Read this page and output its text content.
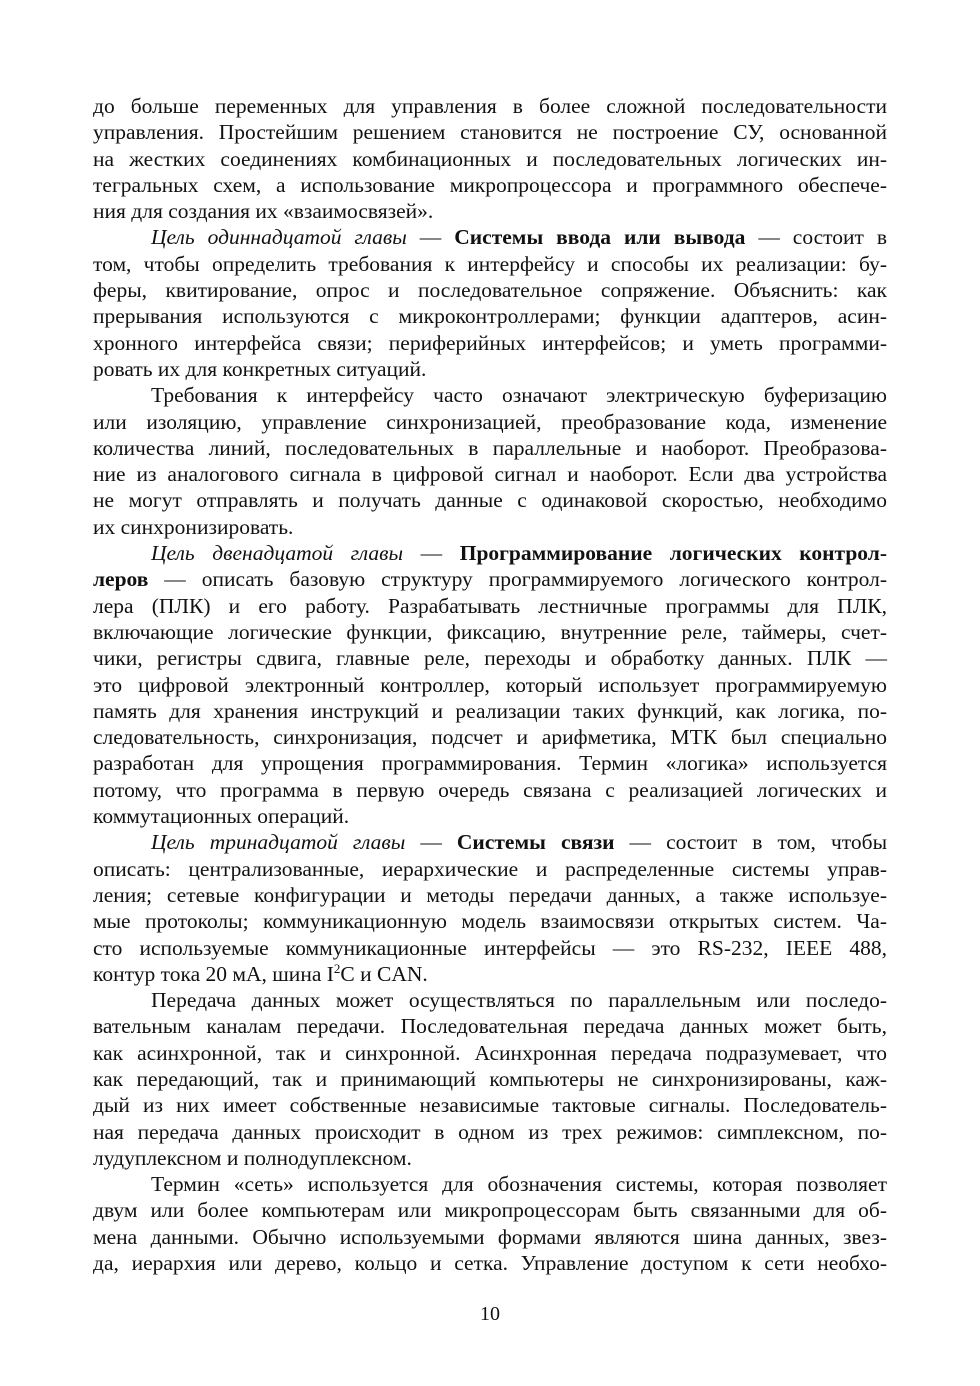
до больше переменных для управления в более сложной последовательности
управления. Простейшим решением становится не построение СУ, основанной
на жестких соединениях комбинационных и последовательных логических ин-
тегральных схем, а использование микропроцессора и программного обеспече-
ния для создания их «взаимосвязей».
Цель одиннадцатой главы — Системы ввода или вывода — состоит в
том, чтобы определить требования к интерфейсу и способы их реализации: бу-
феры, квитирование, опрос и последовательное сопряжение. Объяснить: как
прерывания используются с микроконтроллерами; функции адаптеров, асин-
хронного интерфейса связи; периферийных интерфейсов; и уметь программи-
ровать их для конкретных ситуаций.
Требования к интерфейсу часто означают электрическую буферизацию
или изоляцию, управление синхронизацией, преобразование кода, изменение
количества линий, последовательных в параллельные и наоборот. Преобразова-
ние из аналогового сигнала в цифровой сигнал и наоборот. Если два устройства
не могут отправлять и получать данные с одинаковой скоростью, необходимо
их синхронизировать.
Цель двенадцатой главы — Программирование логических контрол-
леров — описать базовую структуру программируемого логического контрол-
лера (ПЛК) и его работу. Разрабатывать лестничные программы для ПЛК,
включающие логические функции, фиксацию, внутренние реле, таймеры, счет-
чики, регистры сдвига, главные реле, переходы и обработку данных. ПЛК —
это цифровой электронный контроллер, который использует программируемую
память для хранения инструкций и реализации таких функций, как логика, по-
следовательность, синхронизация, подсчет и арифметика, МТК был специально
разработан для упрощения программирования. Термин «логика» используется
потому, что программа в первую очередь связана с реализацией логических и
коммутационных операций.
Цель тринадцатой главы — Системы связи — состоит в том, чтобы
описать: централизованные, иерархические и распределенные системы управ-
ления; сетевые конфигурации и методы передачи данных, а также используе-
мые протоколы; коммуникационную модель взаимосвязи открытых систем. Ча-
сто используемые коммуникационные интерфейсы — это RS-232, IEEE 488,
контур тока 20 мА, шина $I^2C$ и CAN.
Передача данных может осуществляться по параллельным или последо-
вательным каналам передачи. Последовательная передача данных может быть,
как асинхронной, так и синхронной. Асинхронная передача подразумевает, что
как передающий, так и принимающий компьютеры не синхронизированы, каж-
дый из них имеет собственные независимые тактовые сигналы. Последователь-
ная передача данных происходит в одном из трех режимов: симплексном, по-
лудуплексном и полнодуплексном.
Термин «сеть» используется для обозначения системы, которая позволяет
двум или более компьютерам или микропроцессорам быть связанными для об-
мена данными. Обычно используемыми формами являются шина данных, звез-
да, иерархия или дерево, кольцо и сетка. Управление доступом к сети необхо-
10
